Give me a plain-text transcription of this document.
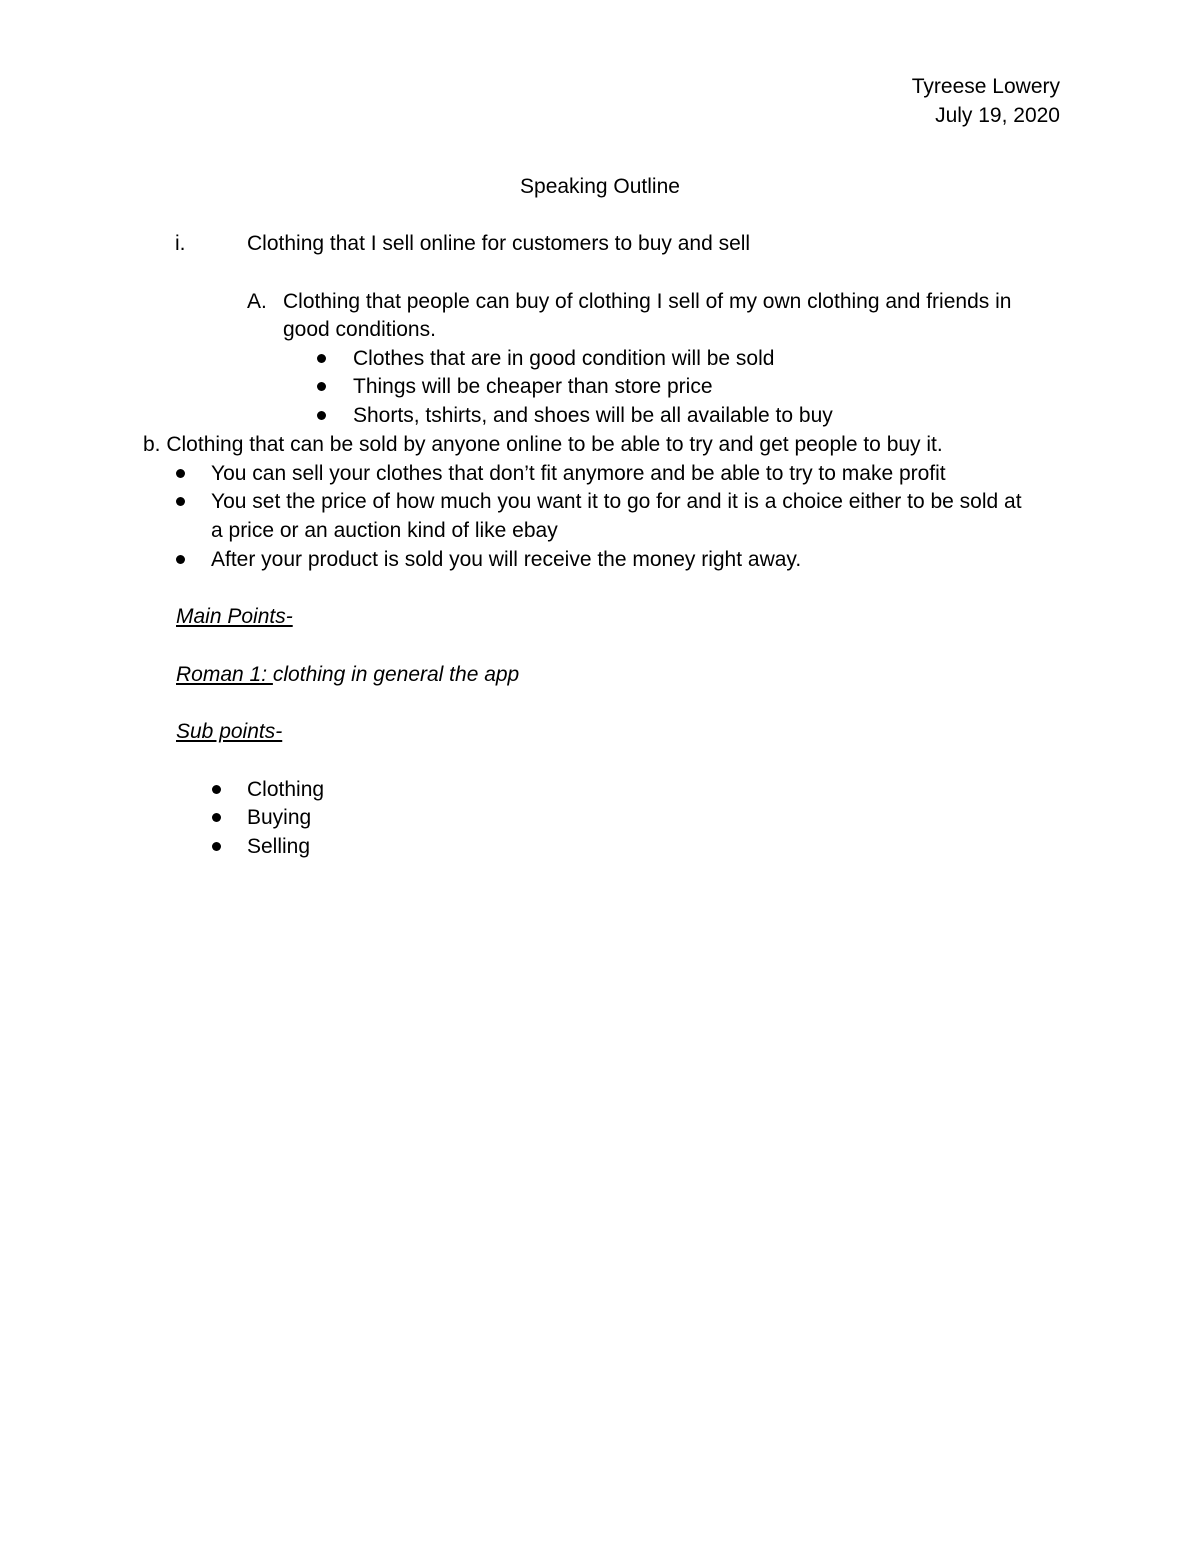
Tyreese Lowery
July 19, 2020
Speaking Outline
i.	Clothing that I sell online for customers to buy and sell
A. Clothing that people can buy of clothing I sell of my own clothing and friends in
good conditions.
Clothes that are in good condition will be sold
Things will be cheaper than store price
Shorts, tshirts, and shoes will be all available to buy
b. Clothing that can be sold by anyone online to be able to try and get people to buy it.
You can sell your clothes that don’t fit anymore and be able to try to make profit
You set the price of how much you want it to go for and it is a choice either to be sold at
a price or an auction kind of like ebay
After your product is sold you will receive the money right away.
Main Points-
Roman 1: clothing in general the app
Sub points-
Clothing
Buying
Selling
